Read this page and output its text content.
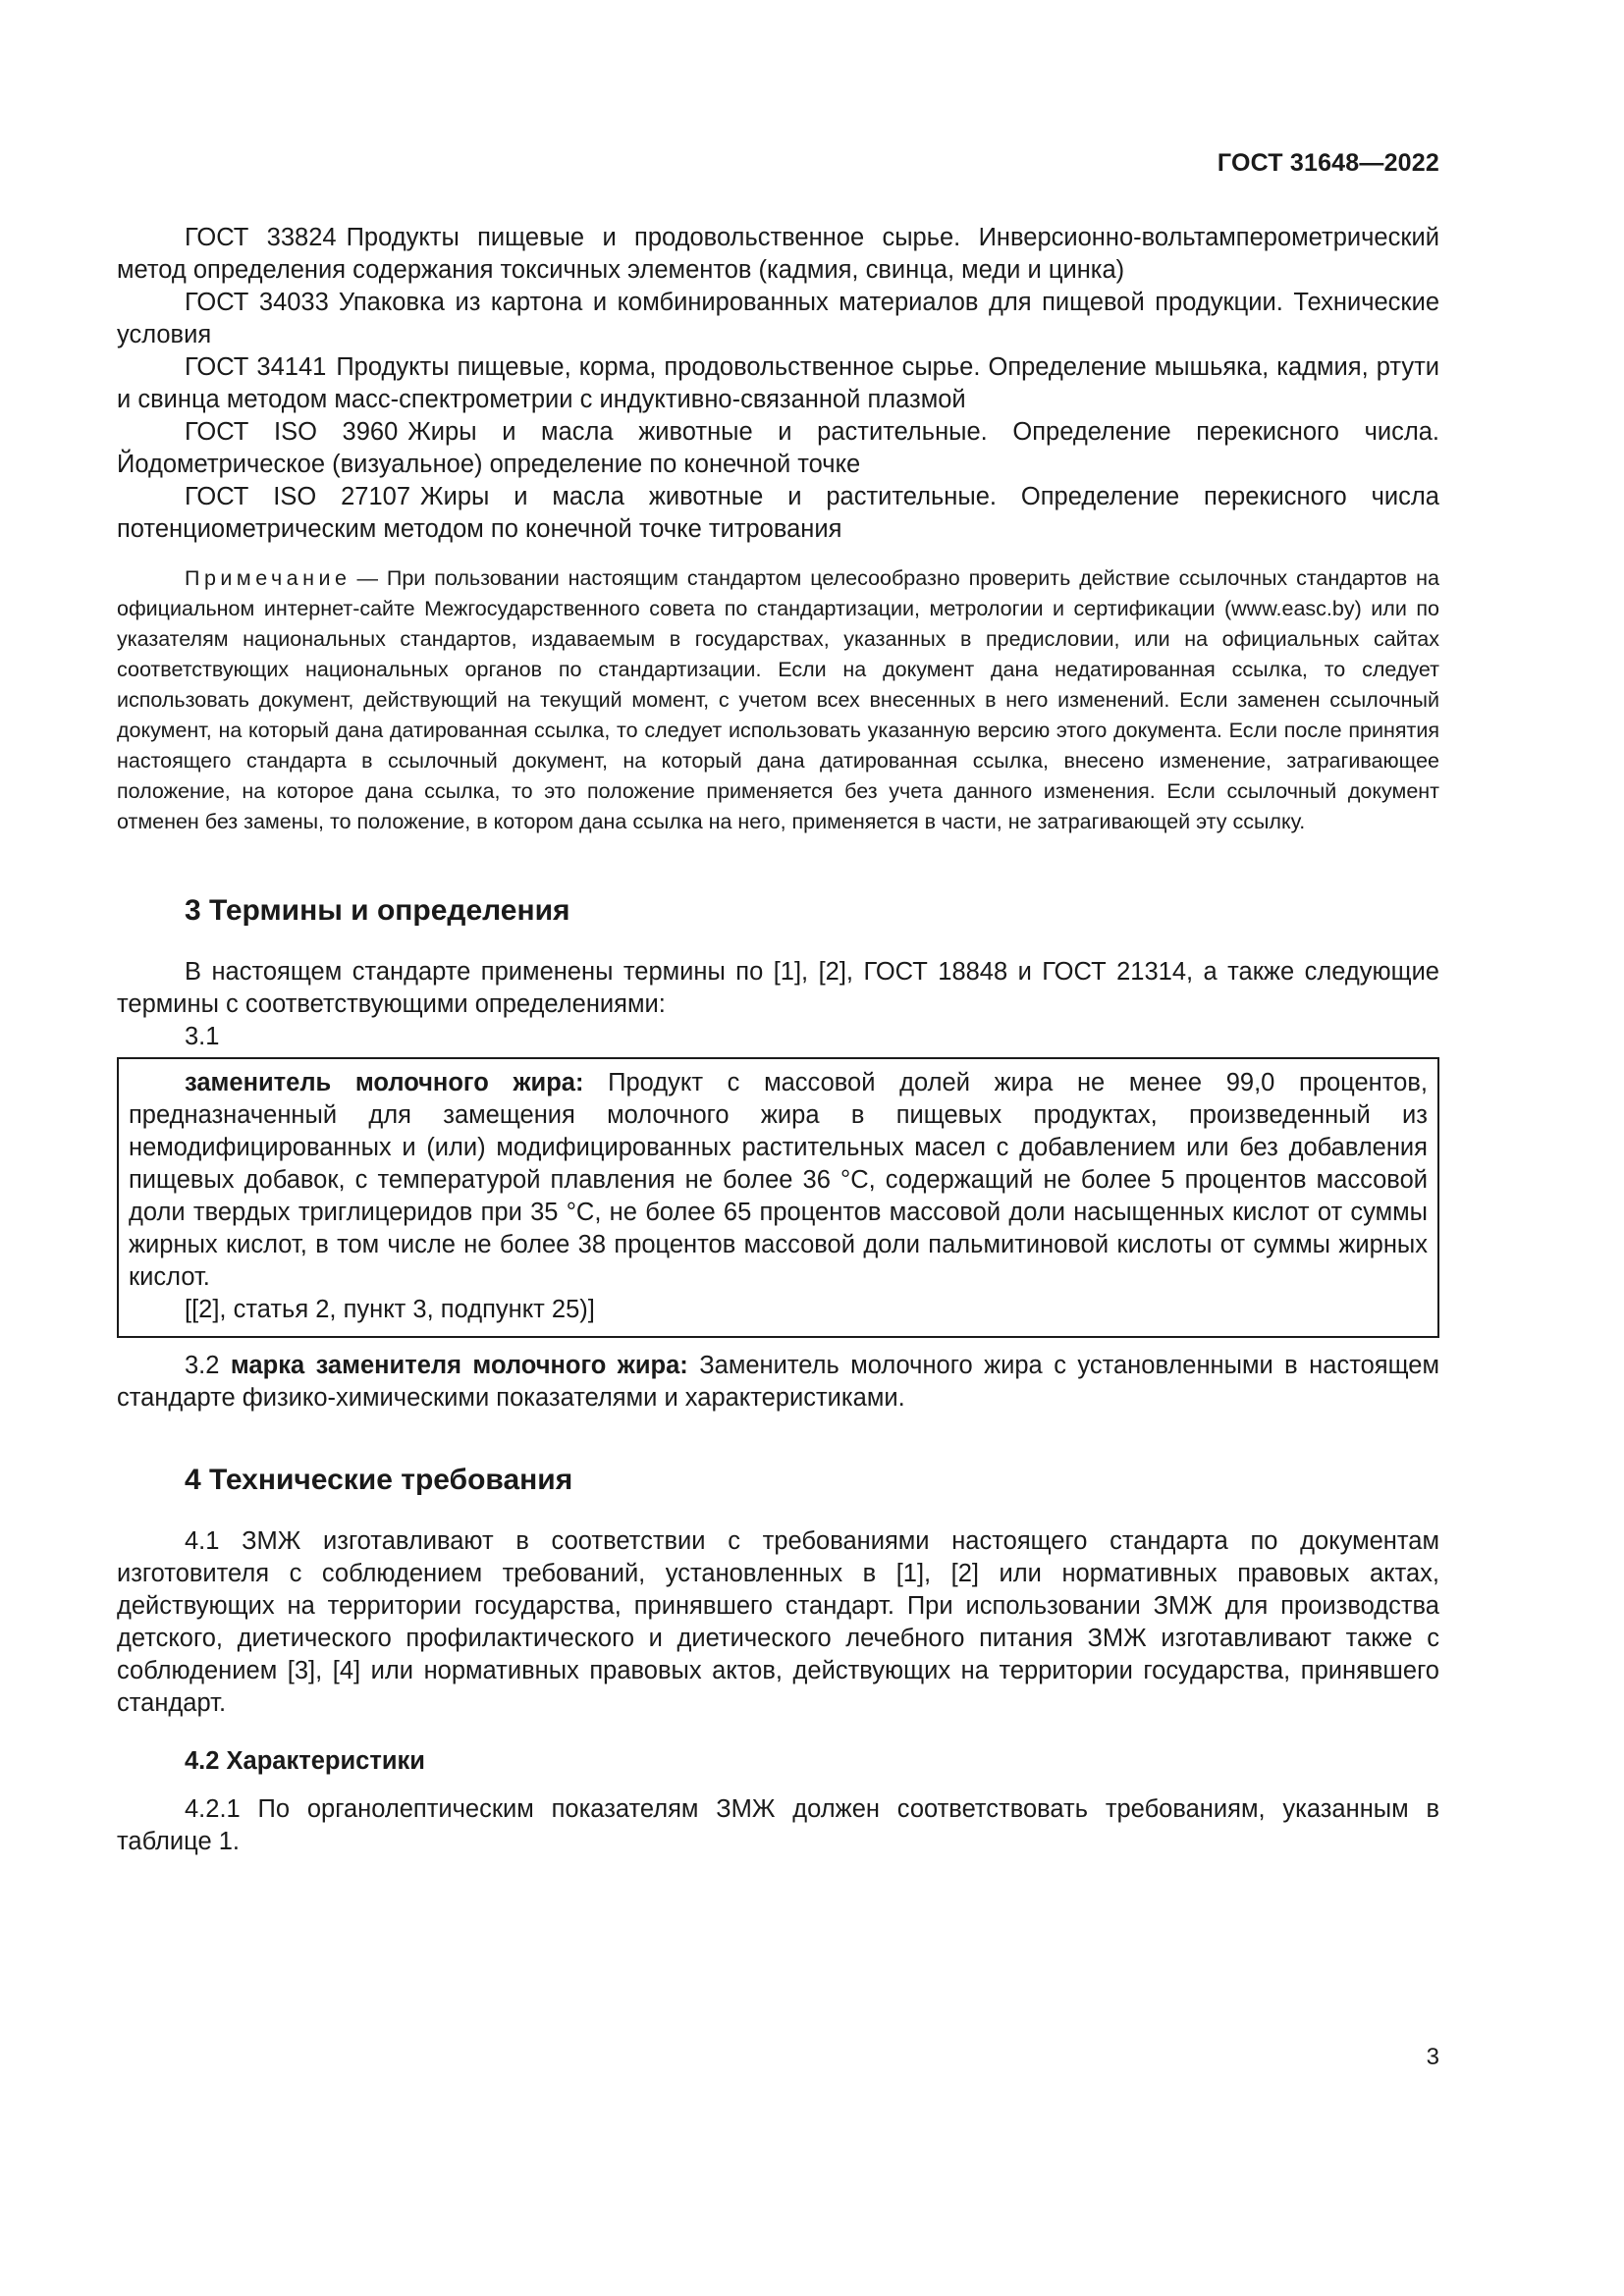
ГОСТ 31648—2022

ГОСТ 33824 Продукты пищевые и продовольственное сырье. Инверсионно-вольтамперометрический метод определения содержания токсичных элементов (кадмия, свинца, меди и цинка)

ГОСТ 34033 Упаковка из картона и комбинированных материалов для пищевой продукции. Технические условия

ГОСТ 34141 Продукты пищевые, корма, продовольственное сырье. Определение мышьяка, кадмия, ртути и свинца методом масс-спектрометрии с индуктивно-связанной плазмой

ГОСТ ISO 3960 Жиры и масла животные и растительные. Определение перекисного числа. Йодометрическое (визуальное) определение по конечной точке

ГОСТ ISO 27107 Жиры и масла животные и растительные. Определение перекисного числа потенциометрическим методом по конечной точке титрования

Примечание — При пользовании настоящим стандартом целесообразно проверить действие ссылочных стандартов на официальном интернет-сайте Межгосударственного совета по стандартизации, метрологии и сертификации (www.easc.by) или по указателям национальных стандартов, издаваемым в государствах, указанных в предисловии, или на официальных сайтах соответствующих национальных органов по стандартизации. Если на документ дана недатированная ссылка, то следует использовать документ, действующий на текущий момент, с учетом всех внесенных в него изменений. Если заменен ссылочный документ, на который дана датированная ссылка, то следует использовать указанную версию этого документа. Если после принятия настоящего стандарта в ссылочный документ, на который дана датированная ссылка, внесено изменение, затрагивающее положение, на которое дана ссылка, то это положение применяется без учета данного изменения. Если ссылочный документ отменен без замены, то положение, в котором дана ссылка на него, применяется в части, не затрагивающей эту ссылку.

3 Термины и определения

В настоящем стандарте применены термины по [1], [2], ГОСТ 18848 и ГОСТ 21314, а также следующие термины с соответствующими определениями:

3.1

заменитель молочного жира: Продукт с массовой долей жира не менее 99,0 процентов, предназначенный для замещения молочного жира в пищевых продуктах, произведенный из немодифицированных и (или) модифицированных растительных масел с добавлением или без добавления пищевых добавок, с температурой плавления не более 36 °С, содержащий не более 5 процентов массовой доли твердых триглицеридов при 35 °С, не более 65 процентов массовой доли насыщенных кислот от суммы жирных кислот, в том числе не более 38 процентов массовой доли пальмитиновой кислоты от суммы жирных кислот.

[[2], статья 2, пункт 3, подпункт 25)]

3.2 марка заменителя молочного жира: Заменитель молочного жира с установленными в настоящем стандарте физико-химическими показателями и характеристиками.

4 Технические требования

4.1 ЗМЖ изготавливают в соответствии с требованиями настоящего стандарта по документам изготовителя с соблюдением требований, установленных в [1], [2] или нормативных правовых актах, действующих на территории государства, принявшего стандарт. При использовании ЗМЖ для производства детского, диетического профилактического и диетического лечебного питания ЗМЖ изготавливают также с соблюдением [3], [4] или нормативных правовых актов, действующих на территории государства, принявшего стандарт.

4.2 Характеристики

4.2.1 По органолептическим показателям ЗМЖ должен соответствовать требованиям, указанным в таблице 1.

3
